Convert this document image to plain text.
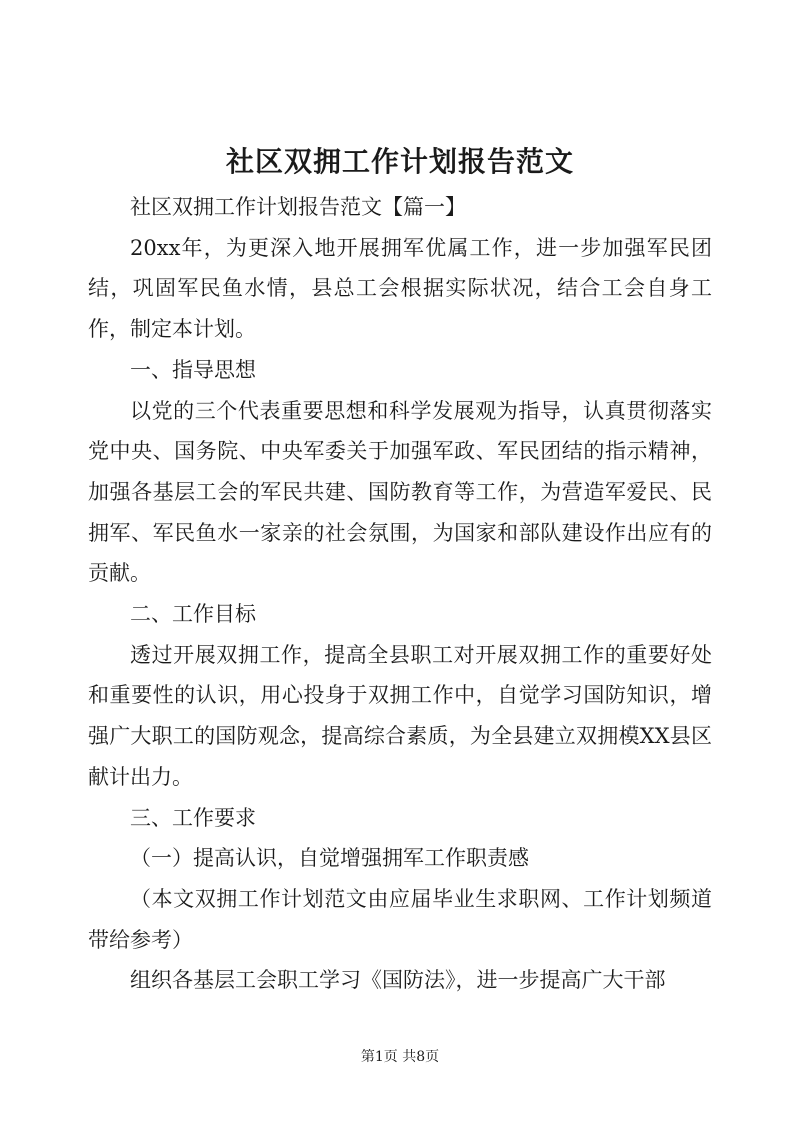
社区双拥工作计划报告范文

社区双拥工作计划报告范文【篇一】

20xx年，为更深入地开展拥军优属工作，进一步加强军民团结，巩固军民鱼水情，县总工会根据实际状况，结合工会自身工作，制定本计划。

一、指导思想

以党的三个代表重要思想和科学发展观为指导，认真贯彻落实党中央、国务院、中央军委关于加强军政、军民团结的指示精神，加强各基层工会的军民共建、国防教育等工作，为营造军爱民、民拥军、军民鱼水一家亲的社会氛围，为国家和部队建设作出应有的贡献。

二、工作目标

透过开展双拥工作，提高全县职工对开展双拥工作的重要好处和重要性的认识，用心投身于双拥工作中，自觉学习国防知识，增强广大职工的国防观念，提高综合素质，为全县建立双拥模XX县区献计出力。

三、工作要求

（一）提高认识，自觉增强拥军工作职责感

（本文双拥工作计划范文由应届毕业生求职网、工作计划频道带给参考）

组织各基层工会职工学习《国防法》，进一步提高广大干部

第1页 共8页
